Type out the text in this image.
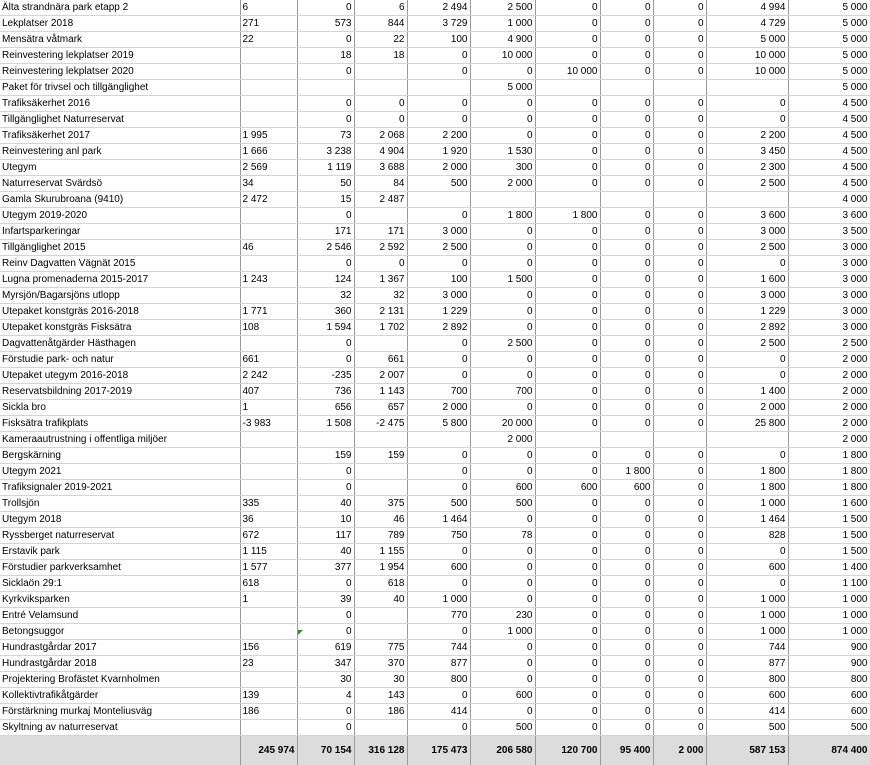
Älta strandnära park etapp 2	6	0	6	2 494	2 500	0	0	0	4 994	5 000
Lekplatser 2018	271	573	844	3 729	1 000	0	0	0	4 729	5 000
Mensätra våtmark	22	0	22	100	4 900	0	0	0	5 000	5 000
Reinvestering lekplatser 2019		18	18	0	10 000	0	0	0	10 000	5 000
Reinvestering lekplatser 2020		0		0	0	10 000	0	0	10 000	5 000
Paket för trivsel och tillgänglighet					5 000					5 000
Trafiksäkerhet 2016		0	0	0	0	0	0	0	0	4 500
Tillgänglighet Naturreservat		0	0	0	0	0	0	0	0	4 500
Trafiksäkerhet 2017	1 995	73	2 068	2 200	0	0	0	0	2 200	4 500
Reinvestering anl park	1 666	3 238	4 904	1 920	1 530	0	0	0	3 450	4 500
Utegym	2 569	1 119	3 688	2 000	300	0	0	0	2 300	4 500
Naturreservat Svärdsö	34	50	84	500	2 000	0	0	0	2 500	4 500
Gamla Skurubroana (9410)	2 472	15	2 487							4 000
Utegym 2019-2020		0		0	1 800	1 800	0	0	3 600	3 600
Infartsparkeringar		171	171	3 000	0	0	0	0	3 000	3 500
Tillgänglighet 2015	46	2 546	2 592	2 500	0	0	0	0	2 500	3 000
Reinv Dagvatten Vägnät 2015		0	0	0	0	0	0	0	0	3 000
Lugna promenaderna 2015-2017	1 243	124	1 367	100	1 500	0	0	0	1 600	3 000
Myrsjön/Bagarsjöns utlopp		32	32	3 000	0	0	0	0	3 000	3 000
Utepaket konstgräs 2016-2018	1 771	360	2 131	1 229	0	0	0	0	1 229	3 000
Utepaket konstgräs Fisksätra	108	1 594	1 702	2 892	0	0	0	0	2 892	3 000
Dagvattenåtgärder Hästhagen		0		0	2 500	0	0	0	2 500	2 500
Förstudie park- och natur	661	0	661	0	0	0	0	0	0	2 000
Utepaket utegym 2016-2018	2 242	-235	2 007	0	0	0	0	0	0	2 000
Reservatsbildning 2017-2019	407	736	1 143	700	700	0	0	0	1 400	2 000
Sickla bro	1	656	657	2 000	0	0	0	0	2 000	2 000
Fisksätra trafikplats	-3 983	1 508	-2 475	5 800	20 000	0	0	0	25 800	2 000
Kameraautrustning i offentliga miljöer					2 000					2 000
Bergskärning		159	159	0	0	0	0	0	0	1 800
Utegym 2021		0		0	0	0	1 800	0	1 800	1 800
Trafiksignaler 2019-2021		0		0	600	600	600	0	1 800	1 800
Trollsjön	335	40	375	500	500	0	0	0	1 000	1 600
Utegym 2018	36	10	46	1 464	0	0	0	0	1 464	1 500
Ryssberget naturreservat	672	117	789	750	78	0	0	0	828	1 500
Erstavik park	1 115	40	1 155	0	0	0	0	0	0	1 500
Förstudier parkverksamhet	1 577	377	1 954	600	0	0	0	0	600	1 400
Sicklaön 29:1	618	0	618	0	0	0	0	0	0	1 100
Kyrkviksparken	1	39	40	1 000	0	0	0	0	1 000	1 000
Entré Velamsund		0		770	230	0	0	0	1 000	1 000
Betongsuggor		0		0	1 000	0	0	0	1 000	1 000
Hundrastgårdar 2017	156	619	775	744	0	0	0	0	744	900
Hundrastgårdar 2018	23	347	370	877	0	0	0	0	877	900
Projektering Brofästet Kvarnholmen		30	30	800	0	0	0	0	800	800
Kollektivtrafikåtgärder	139	4	143	0	600	0	0	0	600	600
Förstärkning murkaj Monteliusväg	186	0	186	414	0	0	0	0	414	600
Skyltning av naturreservat		0		0	500	0	0	0	500	500
	245 974	70 154	316 128	175 473	206 580	120 700	95 400	2 000	587 153	874 400
